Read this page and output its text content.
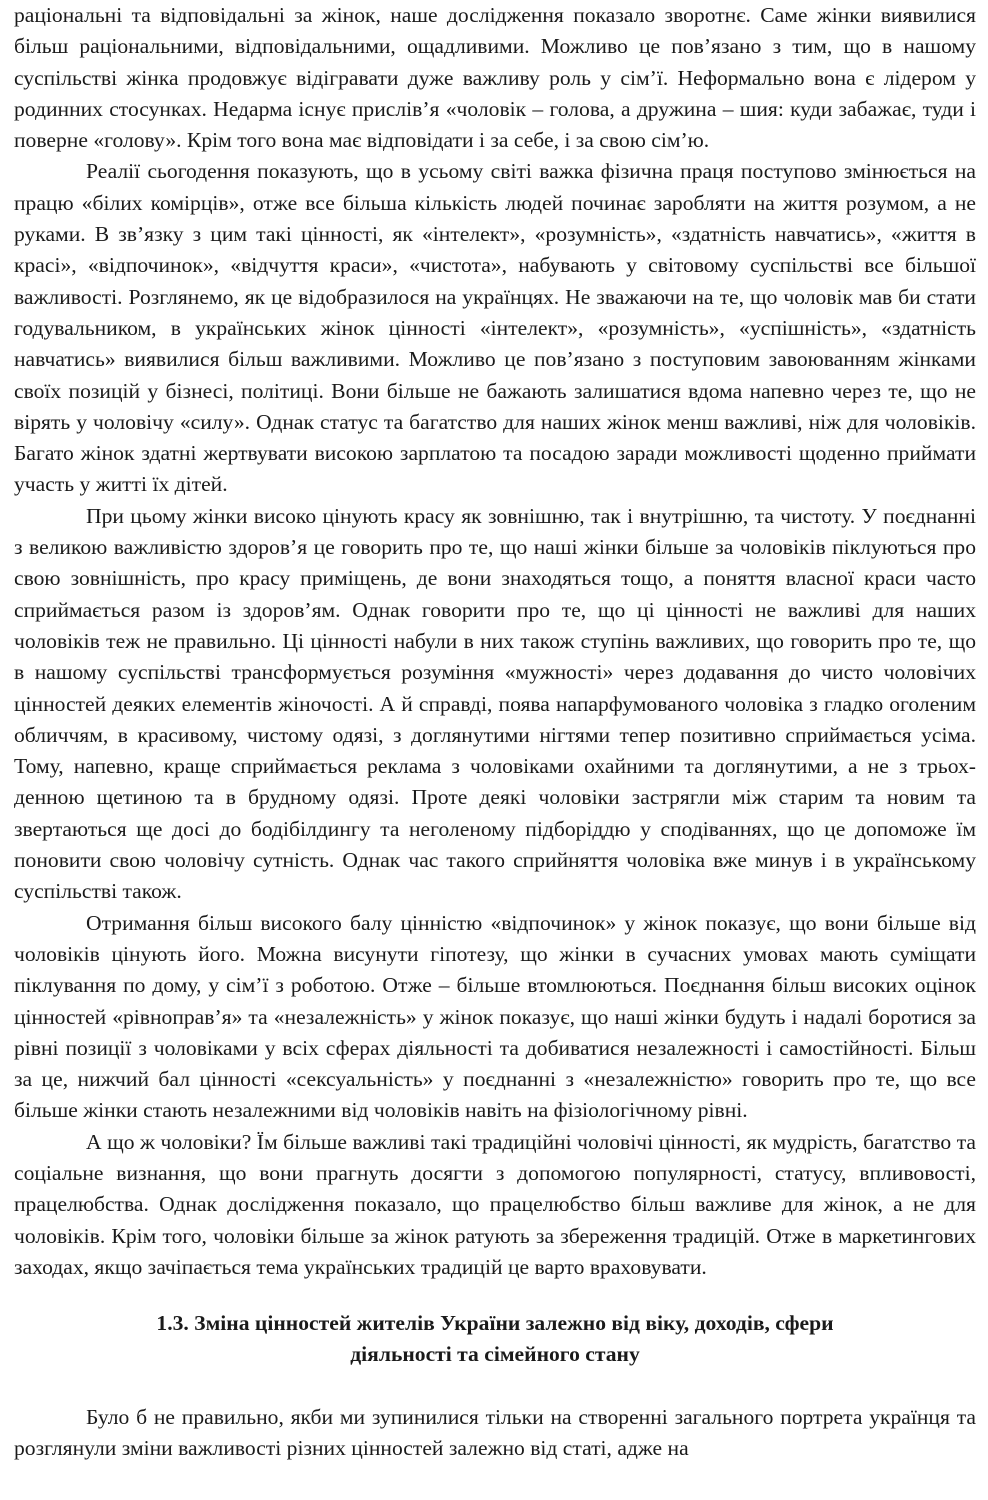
раціональні та відповідальні за жінок, наше дослідження показало зворотнє. Саме жінки виявилися більш раціональними, відповідальними, ощадливими. Можливо це пов’язано з тим, що в нашому суспільстві жінка продовжує відігравати дуже важливу роль у сім’ї. Неформально вона є лідером у родинних стосунках. Недарма існує прислів’я «чоловік – голова, а дружина – шия: куди забажає, туди і поверне «голову». Крім того вона має відповідати і за себе, і за свою сім’ю.

Реалії сьогодення показують, що в усьому світі важка фізична праця поступово змінюється на працю «білих комірців», отже все більша кількість людей починає заробляти на життя розумом, а не руками. В зв’язку з цим такі цінності, як «інтелект», «розумність», «здатність навчатись», «життя в красі», «відпочинок», «відчуття краси», «чистота», набувають у світовому суспільстві все більшої важливості. Розглянемо, як це відобразилося на українцях. Не зважаючи на те, що чоловік мав би стати годувальником, в українських жінок цінності «інтелект», «розумність», «успішність», «здатність навчатись» виявилися більш важливими. Можливо це пов’язано з поступовим завоюванням жінками своїх позицій у бізнесі, політиці. Вони більше не бажають залишатися вдома напевно через те, що не вірять у чоловічу «силу». Однак статус та багатство для наших жінок менш важливі, ніж для чоловіків. Багато жінок здатні жертвувати високою зарплатою та посадою заради можливості щоденно приймати участь у житті їх дітей.

При цьому жінки високо цінують красу як зовнішню, так і внутрішню, та чистоту. У поєднанні з великою важливістю здоров’я це говорить про те, що наші жінки більше за чоловіків піклуються про свою зовнішність, про красу приміщень, де вони знаходяться тощо, а поняття власної краси часто сприймається разом із здоров’ям. Однак говорити про те, що ці цінності не важливі для наших чоловіків теж не правильно. Ці цінності набули в них також ступінь важливих, що говорить про те, що в нашому суспільстві трансформується розуміння «мужності» через додавання до чисто чоловічих цінностей деяких елементів жіночості. А й справді, поява напарфумованого чоловіка з гладко оголеним обличчям, в красивому, чистому одязі, з доглянутими нігтями тепер позитивно сприймається усіма. Тому, напевно, краще сприймається реклама з чоловіками охайними та доглянутими, а не з трьох-денною щетиною та в брудному одязі. Проте деякі чоловіки застрягли між старим та новим та звертаються ще досі до бодібілдингу та неголеному підборіддю у сподіваннях, що це допоможе їм поновити свою чоловічу сутність. Однак час такого сприйняття чоловіка вже минув і в українському суспільстві також.

Отримання більш високого балу цінністю «відпочинок» у жінок показує, що вони більше від чоловіків цінують його. Можна висунути гіпотезу, що жінки в сучасних умовах мають суміщати піклування по дому, у сім’ї з роботою. Отже – більше втомлюються. Поєднання більш високих оцінок цінностей «рівноправ’я» та «незалежність» у жінок показує, що наші жінки будуть і надалі боротися за рівні позиції з чоловіками у всіх сферах діяльності та добиватися незалежності і самостійності. Більш за це, нижчий бал цінності «сексуальність» у поєднанні з «незалежністю» говорить про те, що все більше жінки стають незалежними від чоловіків навіть на фізіологічному рівні.

А що ж чоловіки? Їм більше важливі такі традиційні чоловічі цінності, як мудрість, багатство та соціальне визнання, що вони прагнуть досягти з допомогою популярності, статусу, впливовості, працелюбства. Однак дослідження показало, що працелюбство більш важливе для жінок, а не для чоловіків. Крім того, чоловіки більше за жінок ратують за збереження традицій. Отже в маркетингових заходах, якщо зачіпається тема українських традицій це варто враховувати.

1.3. Зміна цінностей жителів України залежно від віку, доходів, сфери діяльності та сімейного стану

Було б не правильно, якби ми зупинилися тільки на створенні загального портрета українця та розглянули зміни важливості різних цінностей залежно від статі, адже на
